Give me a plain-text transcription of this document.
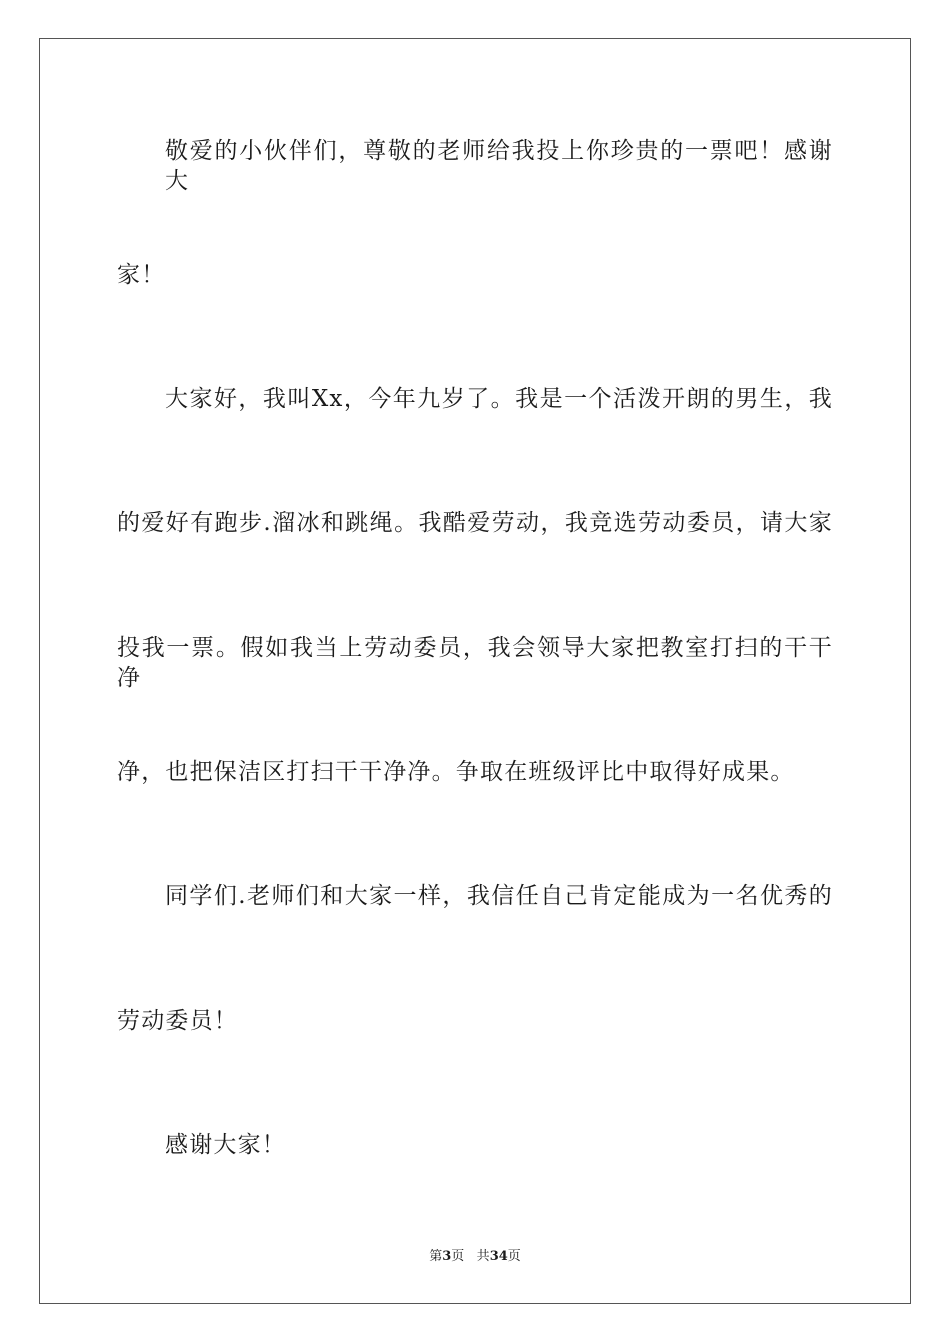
敬爱的小伙伴们，尊敬的老师给我投上你珍贵的一票吧！感谢大
家！
大家好，我叫Xx，今年九岁了。我是一个活泼开朗的男生，我
的爱好有跑步.溜冰和跳绳。我酷爱劳动，我竞选劳动委员，请大家
投我一票。假如我当上劳动委员，我会领导大家把教室打扫的干干净
净，也把保洁区打扫干干净净。争取在班级评比中取得好成果。
同学们.老师们和大家一样，我信任自己肯定能成为一名优秀的
劳动委员！
感谢大家！
第3页 共34页
